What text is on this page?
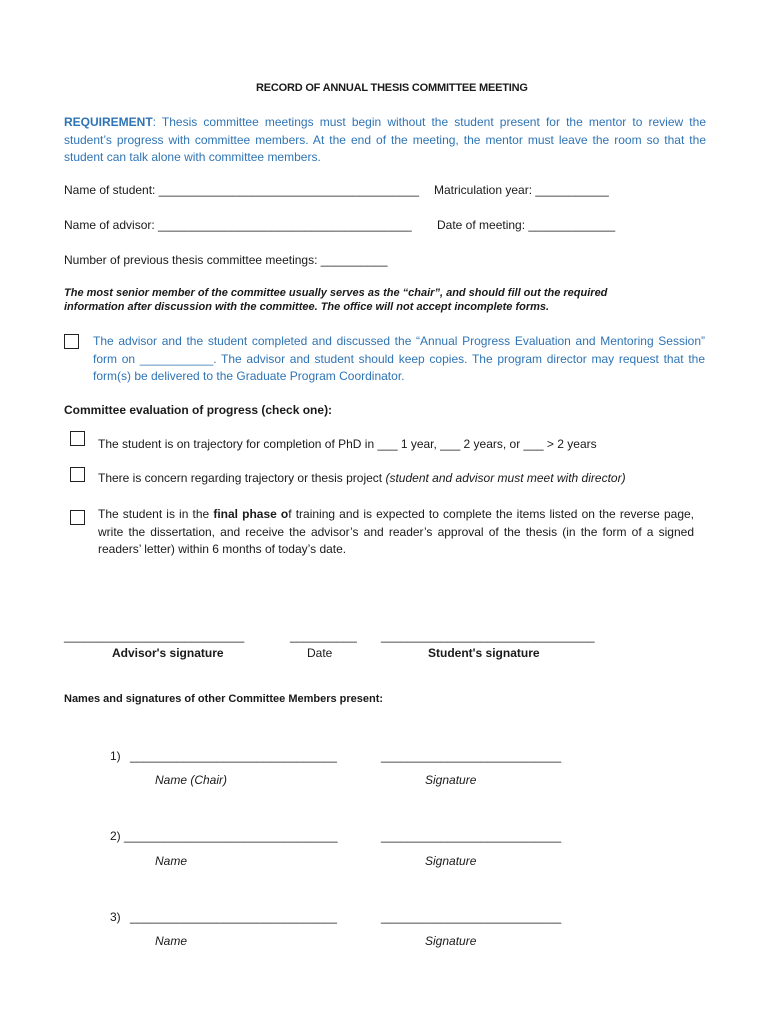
RECORD OF ANNUAL THESIS COMMITTEE MEETING
REQUIREMENT: Thesis committee meetings must begin without the student present for the mentor to review the student’s progress with committee members. At the end of the meeting, the mentor must leave the room so that the student can talk alone with committee members.
Name of student: _______________________________________ Matriculation year: ___________
Name of advisor: ______________________________________ Date of meeting: _____________
Number of previous thesis committee meetings: __________
The most senior member of the committee usually serves as the “chair”, and should fill out the required
information after discussion with the committee. The office will not accept incomplete forms.
The advisor and the student completed and discussed the “Annual Progress Evaluation and Mentoring Session” form on ___________. The advisor and student should keep copies. The program director may request that the form(s) be delivered to the Graduate Program Coordinator.
Committee evaluation of progress (check one):
The student is on trajectory for completion of PhD in ___ 1 year, ___ 2 years, or ___ > 2 years
There is concern regarding trajectory or thesis project (student and advisor must meet with director)
The student is in the final phase of training and is expected to complete the items listed on the reverse page, write the dissertation, and receive the advisor’s and reader’s approval of the thesis (in the form of a signed readers’ letter) within 6 months of today’s date.
___________________________	__________ ________________________________
Advisor's signature	Date	Student's signature
Names and signatures of other Committee Members present:
1) _______________________________	___________________________
Name (Chair)	Signature
2) ________________________________	___________________________
Name	Signature
3) _______________________________	___________________________
Name	Signature
